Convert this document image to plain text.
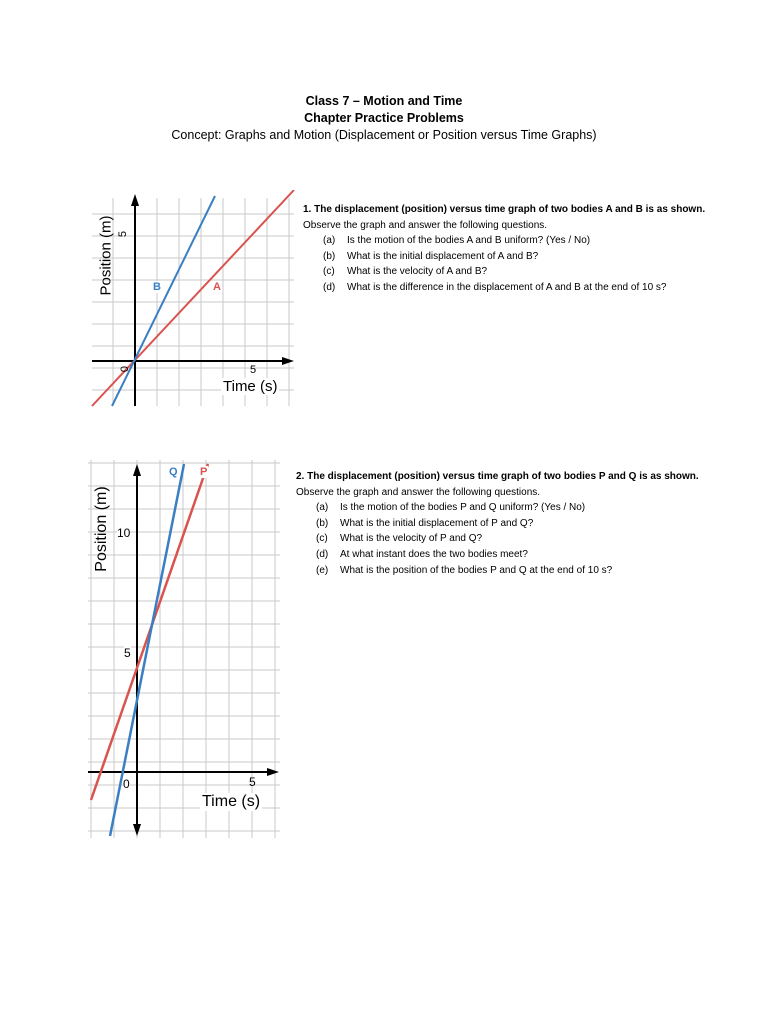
Class 7 – Motion and Time
Chapter Practice Problems
Concept: Graphs and Motion (Displacement or Position versus Time Graphs)
Position (m) 5
0	5
Time (s)
B	A
1. The displacement (position) versus time graph of two bodies A and B is as shown.
Observe the graph and answer the following questions.
(a)	Is the motion of the bodies A and B uniform? (Yes / No)
(b)	What is the initial displacement of A and B?
(c)	What is the velocity of A and B?
(d)	What is the difference in the displacement of A and B at the end of 10 s?
Position (m) 10
5
0	5
Time (s)
Q P	2. The displacement (position) versus time graph of two bodies P and Q is as shown.
Observe the graph and answer the following questions.
(a)	Is the motion of the bodies P and Q uniform? (Yes / No)
(b)	What is the initial displacement of P and Q?
(c)	What is the velocity of P and Q?
(d)	At what instant does the two bodies meet?
(e)	What is the position of the bodies P and Q at the end of 10 s?
